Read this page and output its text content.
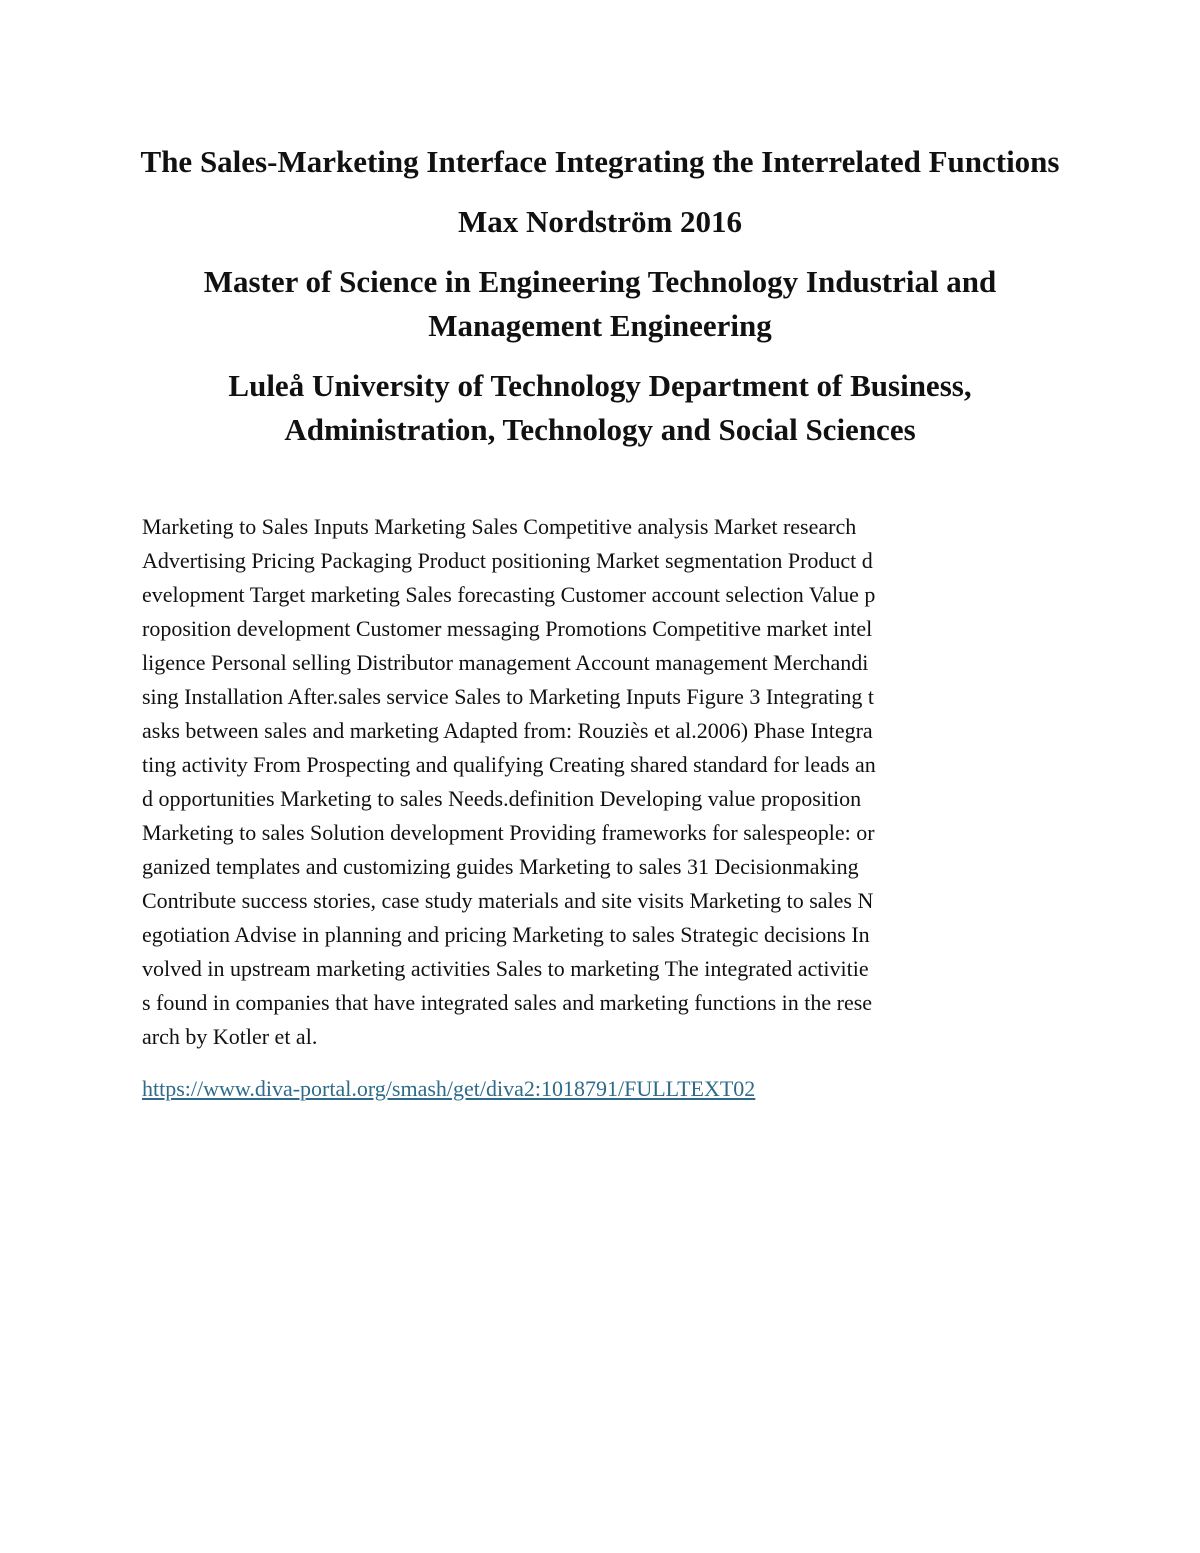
The Sales-Marketing Interface Integrating the Interrelated Functions

Max Nordström 2016

Master of Science in Engineering Technology Industrial and Management Engineering

Luleå University of Technology Department of Business, Administration, Technology and Social Sciences

Marketing to Sales Inputs Marketing Sales Competitive analysis Market research
Advertising Pricing Packaging Product positioning Market segmentation Product d
evelopment Target marketing Sales forecasting Customer account selection Value p
roposition development Customer messaging Promotions Competitive market intel
ligence Personal selling Distributor management Account management Merchandi
sing Installation After.sales service Sales to Marketing Inputs Figure 3 Integrating t
asks between sales and marketing Adapted from: Rouziès et al.2006) Phase Integra
ting activity From Prospecting and qualifying Creating shared standard for leads an
d opportunities Marketing to sales Needs.definition Developing value proposition
Marketing to sales Solution development Providing frameworks for salespeople: or
ganized templates and customizing guides Marketing to sales 31 Decisionmaking
Contribute success stories, case study materials and site visits Marketing to sales N
egotiation Advise in planning and pricing Marketing to sales Strategic decisions In
volved in upstream marketing activities Sales to marketing The integrated activitie
s found in companies that have integrated sales and marketing functions in the rese
arch by Kotler et al.
https://www.diva-portal.org/smash/get/diva2:1018791/FULLTEXT02
